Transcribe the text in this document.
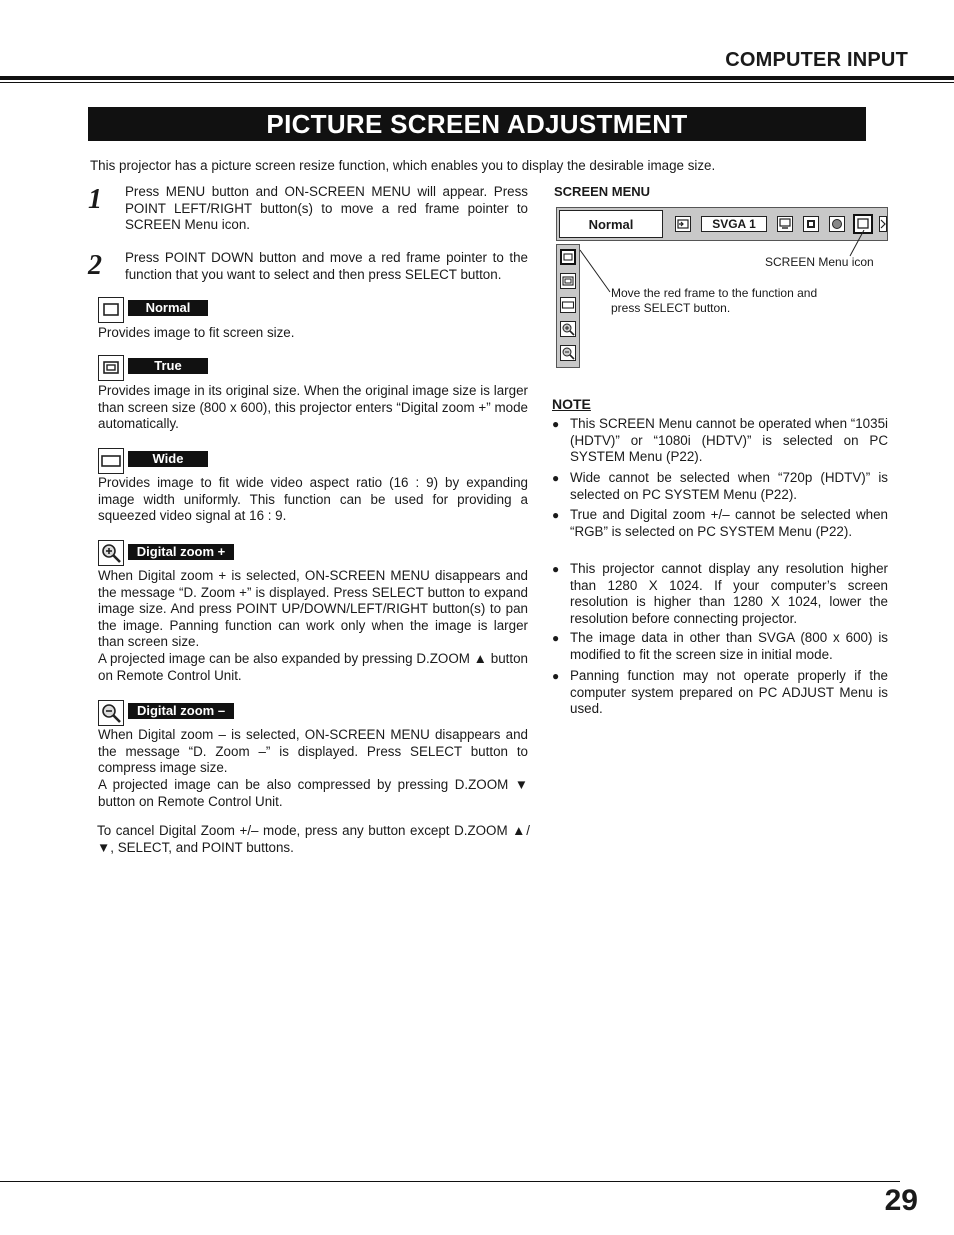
COMPUTER INPUT
PICTURE SCREEN ADJUSTMENT
This projector has a picture screen resize function, which enables you to display the desirable image size.
1 Press MENU button and ON-SCREEN MENU will appear. Press POINT LEFT/RIGHT button(s) to move a red frame pointer to SCREEN Menu icon.
2 Press POINT DOWN button and move a red frame pointer to the function that you want to select and then press SELECT button.
Normal
Provides image to fit screen size.
True
Provides image in its original size. When the original image size is larger than screen size (800 x 600), this projector enters “Digital zoom +” mode automatically.
Wide
Provides image to fit wide video aspect ratio (16 : 9) by expanding image width uniformly. This function can be used for providing a squeezed video signal at 16 : 9.
Digital zoom +
When Digital zoom + is selected, ON-SCREEN MENU disappears and the message “D. Zoom +” is displayed. Press SELECT button to expand image size. And press POINT UP/DOWN/LEFT/RIGHT button(s) to pan the image. Panning function can work only when the image is larger than screen size.
A projected image can be also expanded by pressing D.ZOOM ▲ button on Remote Control Unit.
Digital zoom –
When Digital zoom – is selected, ON-SCREEN MENU disappears and the message “D. Zoom –” is displayed. Press SELECT button to compress image size.
A projected image can be also compressed by pressing D.ZOOM ▼ button on Remote Control Unit.
To cancel Digital Zoom +/– mode, press any button except D.ZOOM ▲/▼, SELECT, and POINT buttons.
SCREEN MENU
Normal	SVGA 1
SCREEN Menu icon
Move the red frame to the function and press SELECT button.
NOTE
● This SCREEN Menu cannot be operated when “1035i (HDTV)” or “1080i (HDTV)” is selected on PC SYSTEM Menu (P22).
● Wide cannot be selected when “720p (HDTV)” is selected on PC SYSTEM Menu (P22).
● True and Digital zoom +/– cannot be selected when “RGB” is selected on PC SYSTEM Menu (P22).
● This projector cannot display any resolution higher than 1280 X 1024. If your computer’s screen resolution is higher than 1280 X 1024, lower the resolution before connecting projector.
● The image data in other than SVGA (800 x 600) is modified to fit the screen size in initial mode.
● Panning function may not operate properly if the computer system prepared on PC ADJUST Menu is used.
29
